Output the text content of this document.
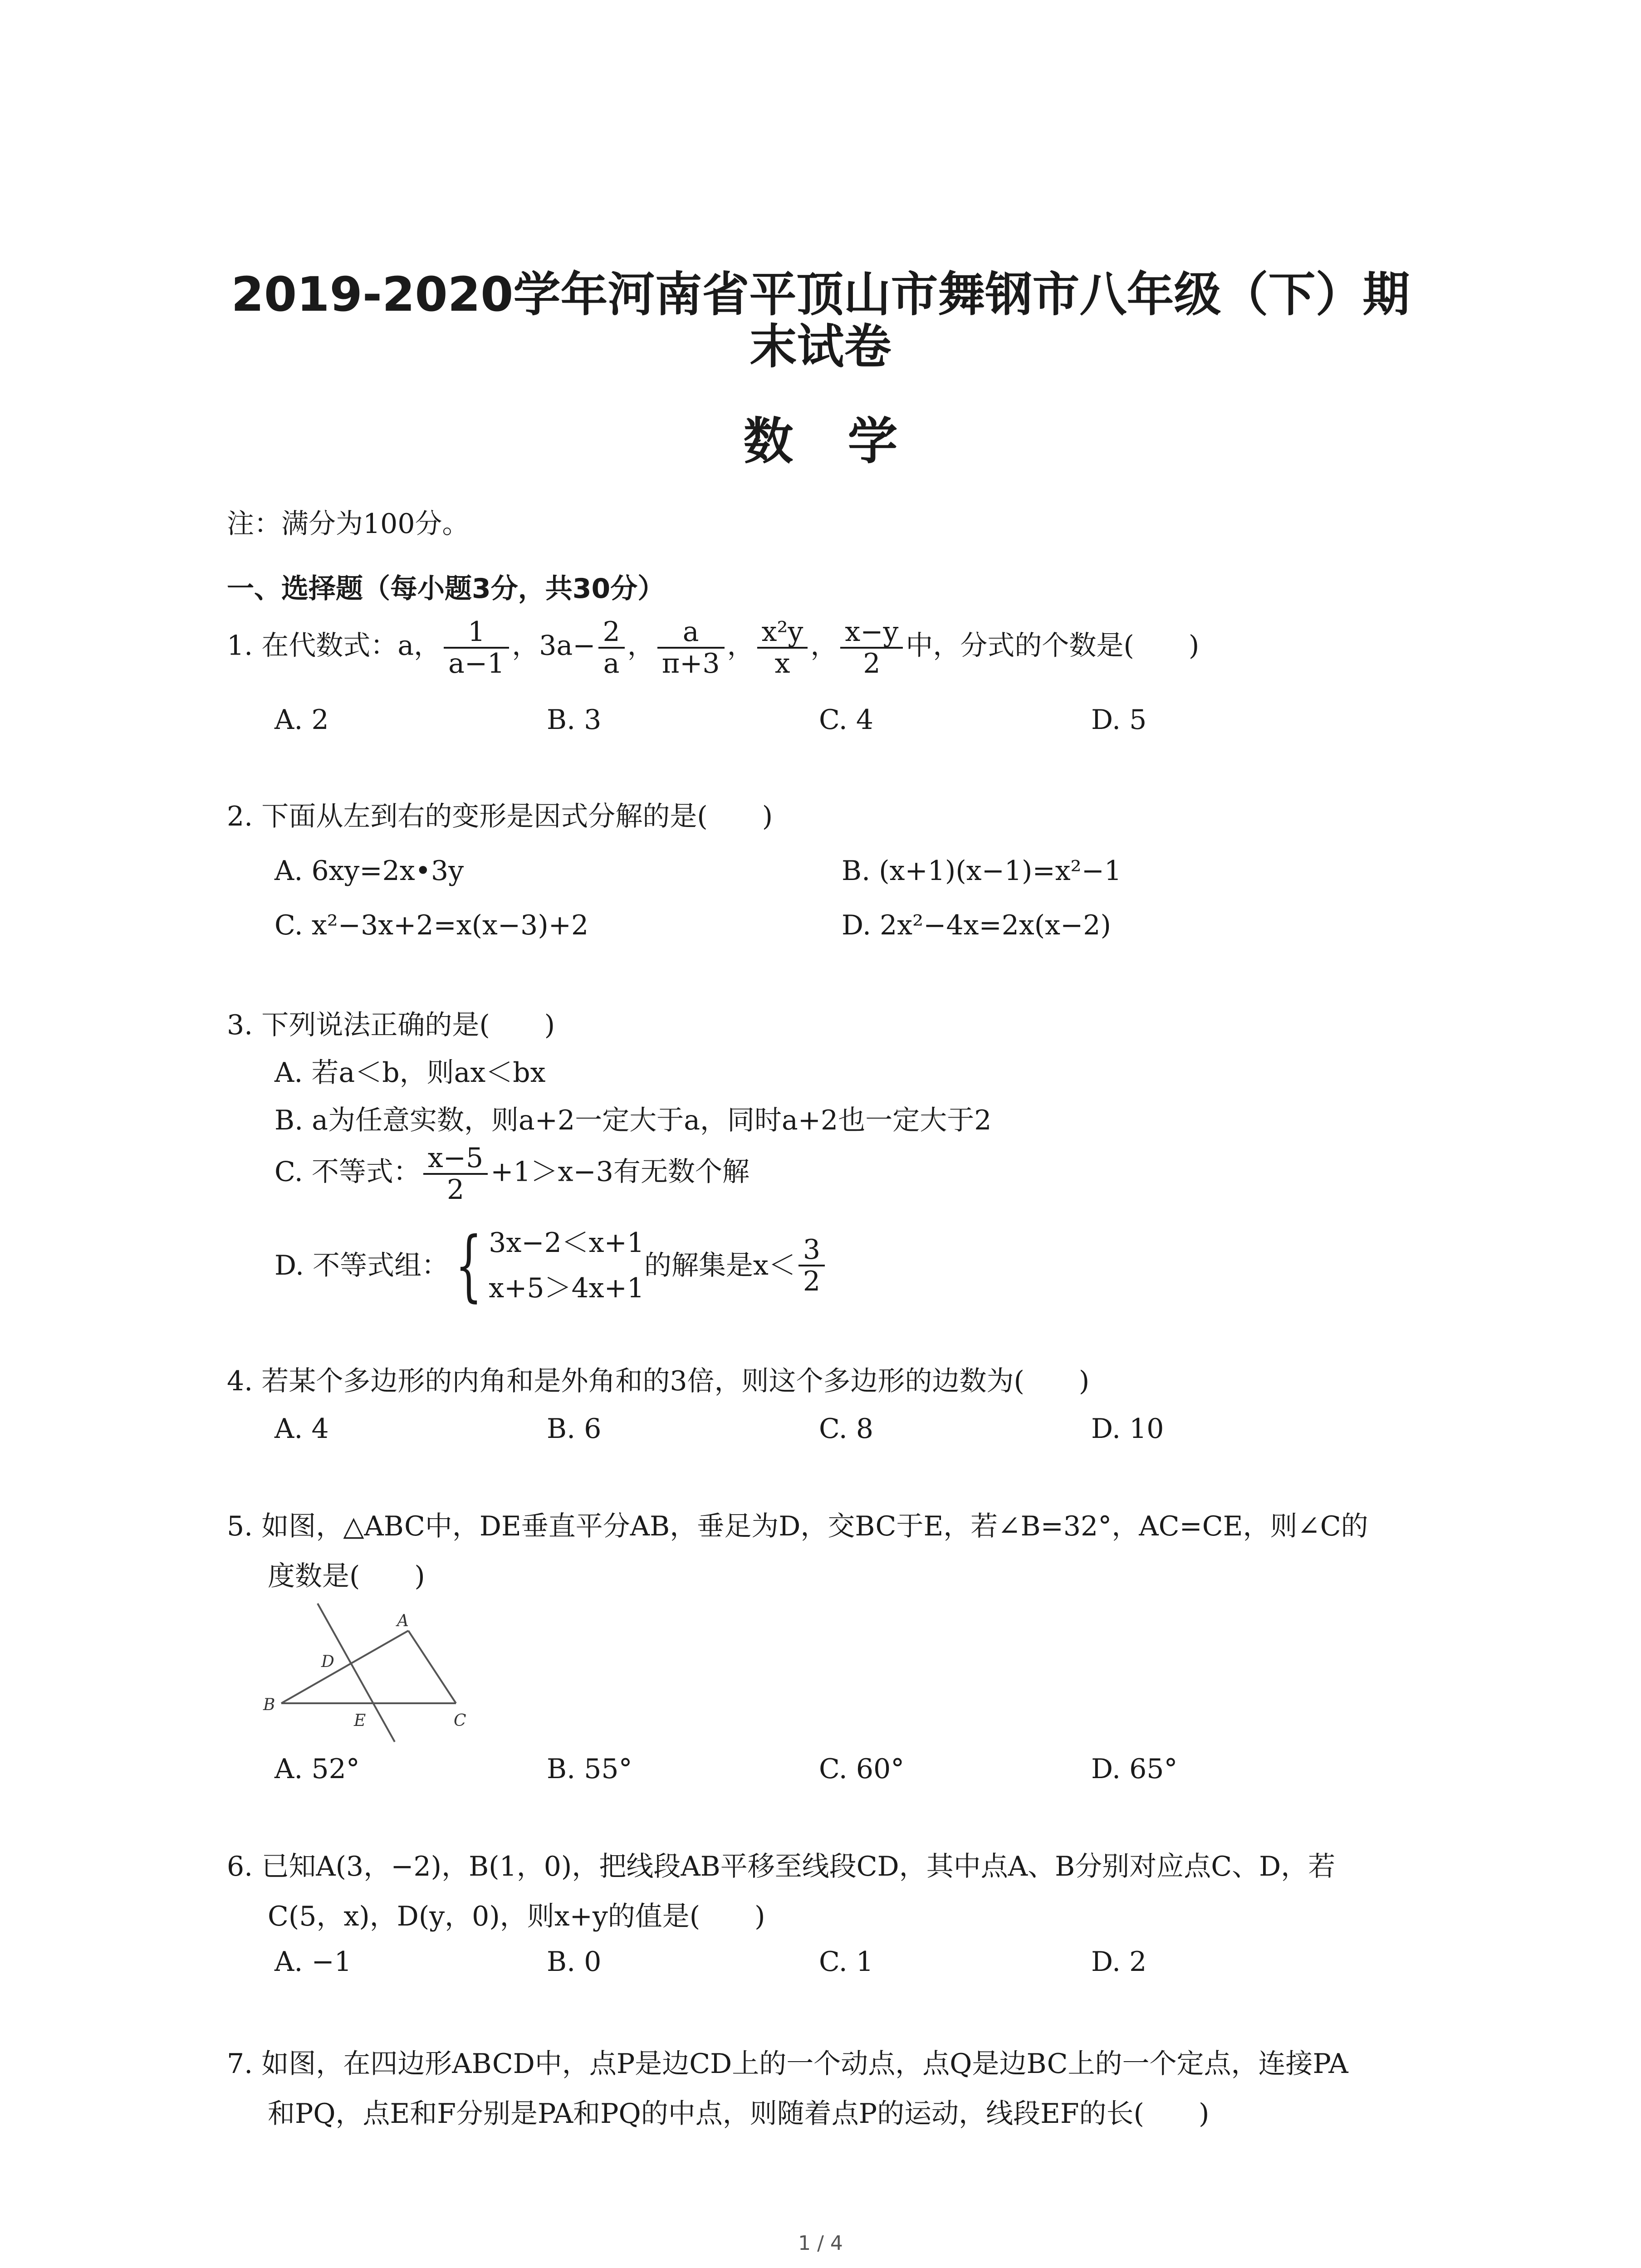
2019-2020学年河南省平顶山市舞钢市八年级（下）期
末试卷
数学
注：满分为100分。
一、选择题（每小题3分，共30分）
1. 在代数式：a， $\frac{1}{a-1}$ ，$3a- \frac{2}{a}$ ， $\frac{a}{\pi+3}$ ， $\frac{\text{x²y}}{x}$ ， $\frac{x-y}{2}$ 中，分式的个数是(　　)
A. 2	B. 3	C. 4	D. 5
2. 下面从左到右的变形是因式分解的是(　　)
A. 6xy=2x•3y	B. (x+1)(x−1)=x²−1
C. x²−3x+2=x(x−3)+2	D. 2x²−4x=2x(x−2)
3. 下列说法正确的是(　　)
A. 若a＜b，则ax＜bx
B. a为任意实数，则a+2一定大于a，同时a+2也一定大于2
C. 不等式： $\frac{x-5}{2} +1>x-3$有无数个解
D. 不等式组：{ 3x−2＜x+1
x+5＞4x+1
的解集是$x< \frac{3}{2}$
4. 若某个多边形的内角和是外角和的3倍，则这个多边形的边数为(　　)
A. 4	B. 6	C. 8	D. 10
5. 如图，△ABC中，DE垂直平分AB，垂足为D，交BC于E，若∠B=32°，AC=CE，则∠C的
度数是(　　)
A
D
B
E	C
A. 52°	B. 55°	C. 60°	D. 65°
6. 已知A(3，−2)，B(1，0)，把线段AB平移至线段CD，其中点A、B分别对应点C、D，若
C(5，x)，D(y，0)，则x+y的值是(　　)
A. −1	B. 0	C. 1	D. 2
7. 如图，在四边形ABCD中，点P是边CD上的一个动点，点Q是边BC上的一个定点，连接PA
和PQ，点E和F分别是PA和PQ的中点，则随着点P的运动，线段EF的长(　　)
1 / 4
